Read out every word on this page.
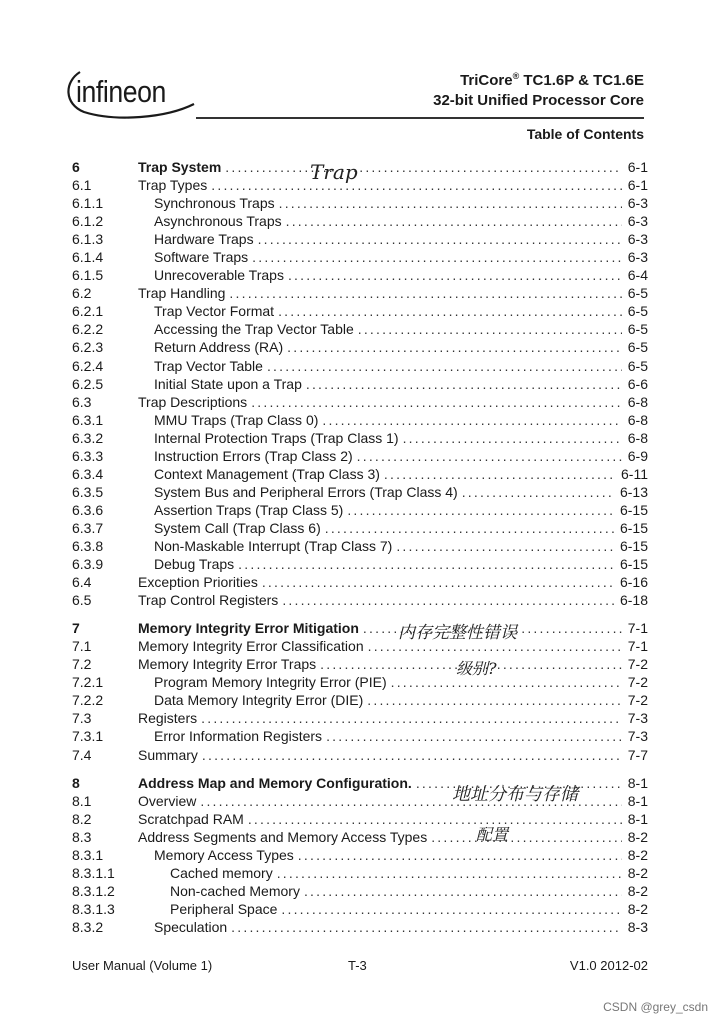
infineon	TriCore® TC1.6P & TC1.6E
32-bit Unified Processor Core
Table of Contents
6	Trap System .....	6-1
6.1	Trap Types .....	6-1
6.1.1	Synchronous Traps .....	6-3
6.1.2	Asynchronous Traps .....	6-3
6.1.3	Hardware Traps .....	6-3
6.1.4	Software Traps .....	6-3
6.1.5	Unrecoverable Traps .....	6-4
6.2	Trap Handling .....	6-5
6.2.1	Trap Vector Format .....	6-5
6.2.2	Accessing the Trap Vector Table .....	6-5
6.2.3	Return Address (RA) .....	6-5
6.2.4	Trap Vector Table .....	6-5
6.2.5	Initial State upon a Trap .....	6-6
6.3	Trap Descriptions .....	6-8
6.3.1	MMU Traps (Trap Class 0) .....	6-8
6.3.2	Internal Protection Traps (Trap Class 1) .....	6-8
6.3.3	Instruction Errors (Trap Class 2) .....	6-9
6.3.4	Context Management (Trap Class 3) .....	6-11
6.3.5	System Bus and Peripheral Errors (Trap Class 4) .....	6-13
6.3.6	Assertion Traps (Trap Class 5) .....	6-15
6.3.7	System Call (Trap Class 6) .....	6-15
6.3.8	Non-Maskable Interrupt (Trap Class 7) .....	6-15
6.3.9	Debug Traps .....	6-15
6.4	Exception Priorities .....	6-16
6.5	Trap Control Registers .....	6-18
7	Memory Integrity Error Mitigation .....	7-1
7.1	Memory Integrity Error Classification .....	7-1
7.2	Memory Integrity Error Traps .....	7-2
7.2.1	Program Memory Integrity Error (PIE) .....	7-2
7.2.2	Data Memory Integrity Error (DIE) .....	7-2
7.3	Registers .....	7-3
7.3.1	Error Information Registers .....	7-3
7.4	Summary .....	7-7
8	Address Map and Memory Configuration. .....	8-1
8.1	Overview .....	8-1
8.2	Scratchpad RAM .....	8-1
8.3	Address Segments and Memory Access Types .....	8-2
8.3.1	Memory Access Types .....	8-2
8.3.1.1	Cached memory .....	8-2
8.3.1.2	Non-cached Memory .....	8-2
8.3.1.3	Peripheral Space .....	8-2
8.3.2	Speculation .....	8-3
Trap
内存完整性错误
级别?
地址分布与存储
配置
User Manual (Volume 1)	T-3	V1.0 2012-02
CSDN @grey_csdn
